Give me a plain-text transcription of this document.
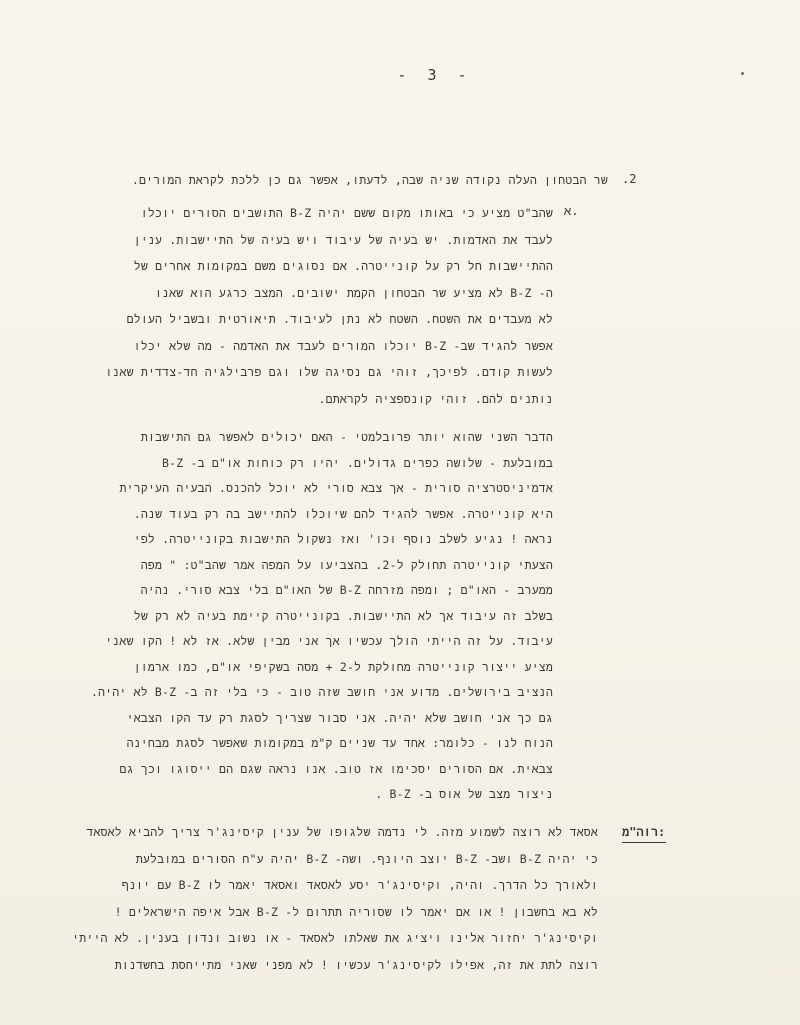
- 3 -
.2
שר הבטחון העלה נקודה שניה שבה, לדעתו, אפשר גם כן ללכת לקראת המורים.
א.
שהב"ט מציע כי באותו מקום ששם יהיה B-Z התושבים הסורים יוכלו
לעבד את האדמות. יש בעיה של עיבוד ויש בעיה של התיישבות. ענין
ההתיישבות חל רק על קונייטרה. אם נסוגים משם במקומות אחרים של
ה- B-Z לא מציע שר הבטחון הקמת ישובים. המצב כרגע הוא שאנו
לא מעבדים את השטח. השטח לא נתן לעיבוד. תיאורטית ובשביל העולם
אפשר להגיד שב- B-Z יוכלו המורים לעבד את האדמה - מה שלא יכלו
לעשות קודם. לפיכך, זוהי גם נסיגה שלו וגם פרבילגיה חד-צדדית שאנו
נותנים להם. זוהי קונספציה לקראתם.
הדבר השני שהוא יותר פרובלמטי - האם יכולים לאפשר גם התישבות
במובלעת - שלושה כפרים גדולים. יהיו רק כוחות או"ם ב- B-Z
אדמיניסטרציה סורית - אך צבא סורי לא יוכל להכנס. הבעיה העיקרית
היא קונייטרה. אפשר להגיד להם שיוכלו להתיישב בה רק בעוד שנה.
נראה ! נגיע לשלב נוסף וכו' ואז נשקול התישבות בקונייטרה. לפי
הצעתי קונייטרה תחולק ל-2. בהצביעו על המפה אמר שהב"ט: " מפה
ממערב - האו"ם ; ומפה מזרחה B-Z של האו"ם בלי צבא סורי. נהיה
בשלב זה עיבוד אך לא התיישבות. בקונייטרה קיימת בעיה לא רק של
עיבוד. על זה הייתי הולך עכשיו אך אני מבין שלא. אז לא ! הקו שאני
מציע ייצור קונייטרה מחולקת ל-2 + מסה בשקיפי או"ם, כמו ארמון
הנציב בירושלים. מדוע אני חושב שזה טוב - כי בלי זה ב- B-Z לא יהיה.
גם כך אני חושב שלא יהיה. אני סבור שצריך לסגת רק עד הקו הצבאי
הנוח לנו - כלומר: אחד עד שניים ק"מ במקומות שאפשר לסגת מבחינה
צבאית. אם הסורים יסכימו אז טוב. אנו נראה שגם הם ייסוגו וכך גם
ניצור מצב של אוס ב- B-Z .
רוה"מ:
אסאד לא רוצה לשמוע מזה. לי נדמה שלגופו של ענין קיסינג'ר צריך להביא לאסאד
כי יהיה B-Z ושב- B-Z יוצב היונף. ושה- B-Z יהיה ע"ח הסורים במובלעת
ולאורך כל הדרך. והיה, וקיסינג'ר יסע לאסאד ואסאד יאמר לו B-Z עם יונף
לא בא בחשבון ! או אם יאמר לו שסוריה תתרום ל- B-Z אבל איפה הישראלים !
וקיסינג'ר יחזור אלינו ויציג את שאלתו לאסאד - או נשוב ונדון בענין. לא הייתי
רוצה לתת את זה, אפילו לקיסינג'ר עכשיו ! לא מפני שאני מתייחסת בחשדנות
